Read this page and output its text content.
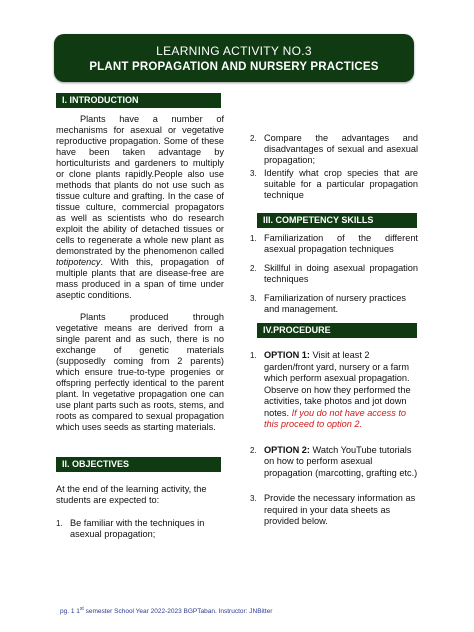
LEARNING ACTIVITY NO.3
PLANT PROPAGATION AND NURSERY PRACTICES
I. INTRODUCTION

Plants have a number of mechanisms for asexual or vegetative reproductive propagation. Some of these have been taken advantage by horticulturists and gardeners to multiply or clone plants rapidly.People also use methods that plants do not use such as tissue culture and grafting. In the case of tissue culture, commercial propagators as well as scientists who do research exploit the ability of detached tissues or cells to regenerate a whole new plant as demonstrated by the phenomenon called totipotency. With this, propagation of multiple plants that are disease-free are mass produced in a span of time under aseptic conditions.

Plants produced through vegetative means are derived from a single parent and as such, there is no exchange of genetic materials (supposedly coming from 2 parents) which ensure true-to-type progenies or offspring perfectly identical to the parent plant. In vegetative propagation one can use plant parts such as roots, stems, and roots as compared to sexual propagation which uses seeds as starting materials.

II. OBJECTIVES

At the end of the learning activity, the students are expected to:

1. Be familiar with the techniques in asexual propagation;
2. Compare the advantages and disadvantages of sexual and asexual propagation;
3. Identify what crop species that are suitable for a particular propagation technique
III. COMPETENCY SKILLS
1. Familiarization of the different asexual propagation techniques
2. Skillful in doing asexual propagation techniques
3. Familiarization of nursery practices and management.
IV.PROCEDURE
1. OPTION 1: Visit at least 2 garden/front yard, nursery or a farm which perform asexual propagation. Observe on how they performed the activities, take photos and jot down notes. If you do not have access to this proceed to option 2.
2. OPTION 2: Watch YouTube tutorials on how to perform asexual propagation (marcotting, grafting etc.)
3. Provide the necessary information as required in your data sheets as provided below.
pg. 1 1st semester School Year 2022-2023 BGPTaban. Instructor: JNBitter
